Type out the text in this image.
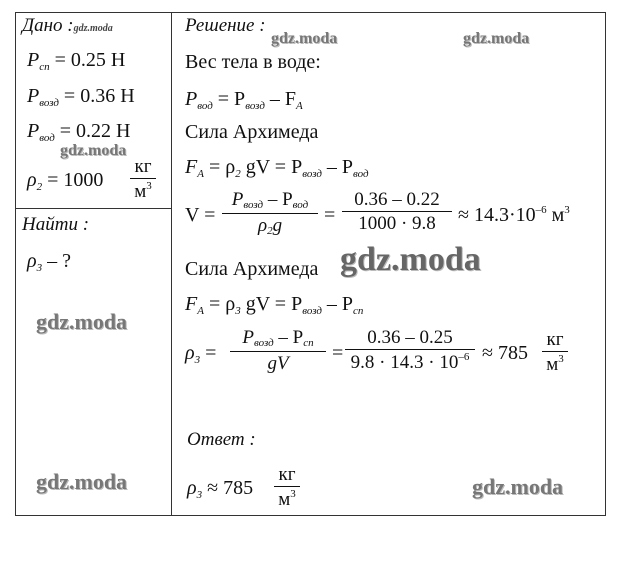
Дано :gdz.moda
$P_{сп} = 0.25$ Н
$P_{возд} = 0.36$ Н
$P_{вод} = 0.22$ Н
$\rho_2 = 1000$
кг
$м^3$
Найти :
$\rho_3$ – ?
Решение :
Вес тела в воде:
$P_{вод} = P_{возд} - F_A$
Сила Архимеда
$F_A = \rho_2$ gV = $P_{возд} - P_{вод}$
V =
Pвозд – Pвод
ρ2g	=
0.36 – 0.22
1000 · 9.8	≈ $14.3\cdot 10^{-6}$ $м^3$
Сила Архимеда
$F_A = \rho_3$ gV = $P_{возд} - P_{сп}$
$\rho_3$ =
Pвозд – Pсп
gV	=
0.36 – 0.25
$9.8 \cdot 14.3 \cdot 10^{-6} \approx 785$
кг
$м^3$
Ответ :
$\rho_3 \approx 785$
кг
$м^3$
gdz.moda	gdz.moda
gdz.moda
gdz.moda
gdz.moda
gdz.moda	gdz.moda
